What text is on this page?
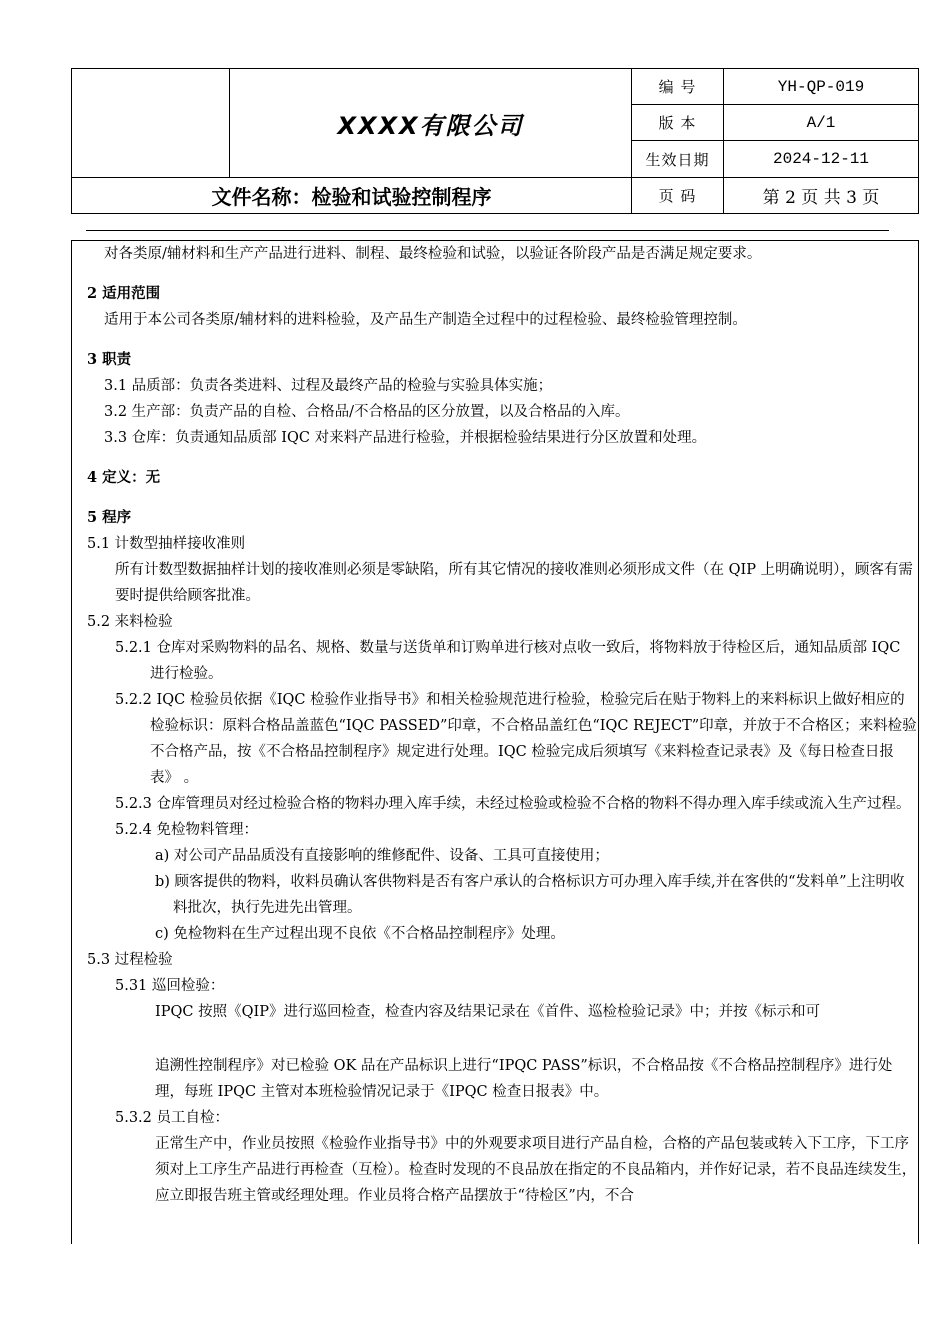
	XXXX有限公司	编 号	YH-QP-019
		版 本	A/1
		生效日期	2024-12-11
文件名称：检验和试验控制程序		页 码	第 2 页 共 3 页

对各类原/辅材料和生产产品进行进料、制程、最终检验和试验，以验证各阶段产品是否满足规定要求。

2 适用范围

适用于本公司各类原/辅材料的进料检验，及产品生产制造全过程中的过程检验、最终检验管理控制。

3 职责

3.1 品质部：负责各类进料、过程及最终产品的检验与实验具体实施；

3.2 生产部：负责产品的自检、合格品/不合格品的区分放置，以及合格品的入库。

3.3 仓库：负责通知品质部 IQC 对来料产品进行检验，并根据检验结果进行分区放置和处理。

4 定义：无

5 程序

5.1 计数型抽样接收准则

所有计数型数据抽样计划的接收准则必须是零缺陷，所有其它情况的接收准则必须形成文件（在 QIP 上明确说明），顾客有需要时提供给顾客批准。

5.2 来料检验

5.2.1 仓库对采购物料的品名、规格、数量与送货单和订购单进行核对点收一致后，将物料放于待检区后，通知品质部 IQC 进行检验。

5.2.2 IQC 检验员依据《IQC 检验作业指导书》和相关检验规范进行检验，检验完后在贴于物料上的来料标识上做好相应的检验标识：原料合格品盖蓝色“IQC PASSED”印章，不合格品盖红色“IQC REJECT”印章，并放于不合格区；来料检验不合格产品，按《不合格品控制程序》规定进行处理。IQC 检验完成后须填写《来料检查记录表》及《每日检查日报表》 。

5.2.3 仓库管理员对经过检验合格的物料办理入库手续，未经过检验或检验不合格的物料不得办理入库手续或流入生产过程。

5.2.4 免检物料管理：

a) 对公司产品品质没有直接影响的维修配件、设备、工具可直接使用；

b) 顾客提供的物料，收料员确认客供物料是否有客户承认的合格标识方可办理入库手续,并在客供的“发料单”上注明收料批次，执行先进先出管理。

c) 免检物料在生产过程出现不良依《不合格品控制程序》处理。

5.3 过程检验

5.31 巡回检验：

IPQC 按照《QIP》进行巡回检查，检查内容及结果记录在《首件、巡检检验记录》中；并按《标示和可

追溯性控制程序》对已检验 OK 品在产品标识上进行“IPQC PASS”标识，不合格品按《不合格品控制程序》进行处理，每班 IPQC 主管对本班检验情况记录于《IPQC 检查日报表》中。

5.3.2 员工自检：

正常生产中，作业员按照《检验作业指导书》中的外观要求项目进行产品自检，合格的产品包装或转入下工序，下工序须对上工序生产品进行再检查（互检）。检查时发现的不良品放在指定的不良品箱内，并作好记录，若不良品连续发生，应立即报告班主管或经理处理。作业员将合格产品摆放于“待检区”内，不合
